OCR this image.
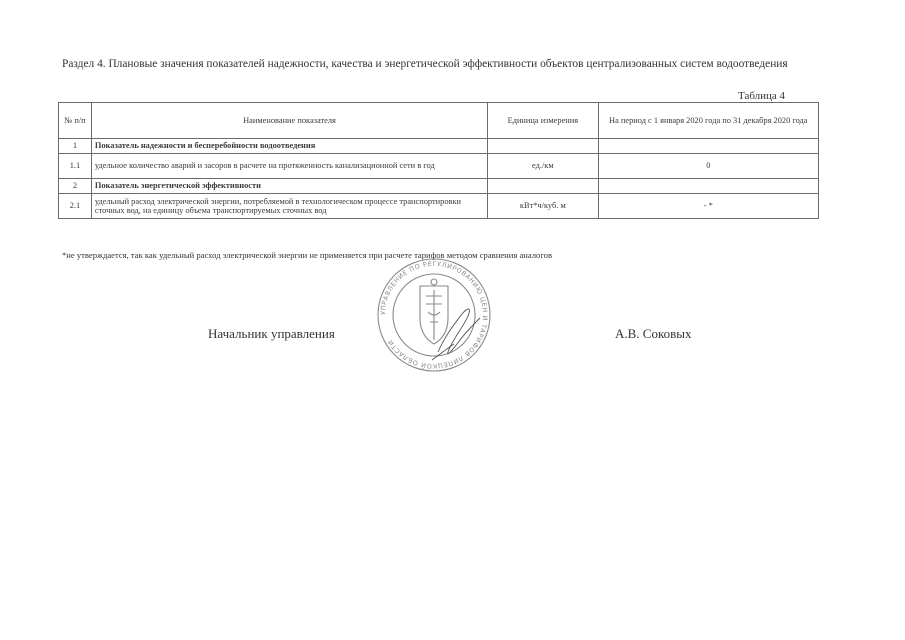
Раздел 4. Плановые значения показателей надежности, качества и энергетической эффективности объектов централизованных систем водоотведения
Таблица 4
№ п/п	Наименование показателя	Единица измерения	На период с 1 января 2020 года по 31 декабря 2020 года
1	Показатель надежности и бесперебойности водоотведения		
1.1	удельное количество аварий и засоров в расчете на протяженность канализационной сети в год	ед./км	0
2	Показатель энергетической эффективности		
2.1	удельный расход электрической энергии, потребляемой в технологическом процессе транспортировки сточных вод, на единицу объема транспортируемых сточных вод	кВт*ч/куб. м	- *
*не утверждается, так как удельный расход электрической энергии не применяется при расчете тарифов методом сравнения аналогов
Начальник управления	А.В. Соковых
УПРАВЛЕНИЕ ПО РЕГУЛИРОВАНИЮ ЦЕН И ТАРИФОВ ЛИПЕЦКОЙ ОБЛАСТИ
